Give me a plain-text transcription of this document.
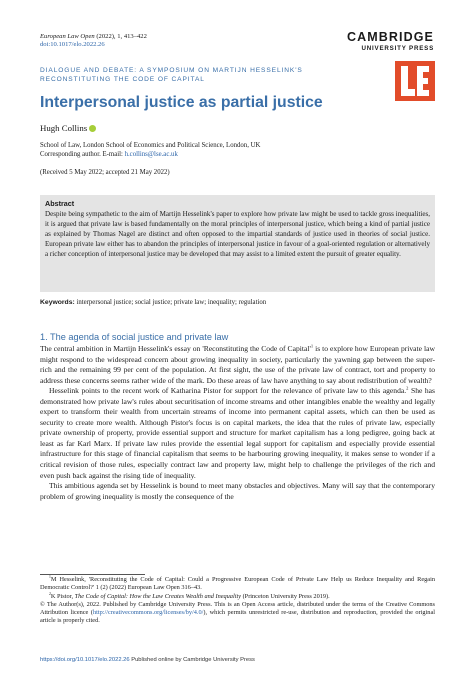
European Law Open (2022), 1, 413–422
doi:10.1017/elo.2022.26
CAMBRIDGE
UNIVERSITY PRESS
DIALOGUE AND DEBATE: A SYMPOSIUM ON MARTIJN HESSELINK'S RECONSTITUTING THE CODE OF CAPITAL
Interpersonal justice as partial justice
Hugh Collins
School of Law, London School of Economics and Political Science, London, UK
Corresponding author. E-mail: h.collins@lse.ac.uk
(Received 5 May 2022; accepted 21 May 2022)
Abstract
Despite being sympathetic to the aim of Martijn Hesselink's paper to explore how private law might be used to tackle gross inequalities, it is argued that private law is based fundamentally on the moral principles of interpersonal justice, which being a kind of partial justice as explained by Thomas Nagel are distinct and often opposed to the impartial standards of justice used in theories of social justice. European private law either has to abandon the principles of interpersonal justice in favour of a goal-oriented regulation or alternatively a richer conception of interpersonal justice may be developed that may assist to a limited extent the pursuit of greater equality.
Keywords: interpersonal justice; social justice; private law; inequality; regulation
1. The agenda of social justice and private law

The central ambition in Martijn Hesselink's essay on 'Reconstituting the Code of $Capital'^1$ is to explore how European private law might respond to the widespread concern about growing inequality in society, particularly the yawning gap between the super-rich and the remaining 99 per cent of the population. At first sight, the use of the private law of contract, tort and property to address these concerns seems rather wide of the mark. Do these areas of law have anything to say about redistribution of wealth?

Hesselink points to the recent work of Katharina Pistor for support for the relevance of private law to this agenda.$^2$ She has demonstrated how private law's rules about securitisation of income streams and other intangibles enable the wealthy and legally expert to transform their wealth from uncertain streams of income into permanent capital assets, which can then be used as security to create more wealth. Although Pistor's focus is on capital markets, the idea that the rules of private law, especially private ownership of property, provide essential support and structure for market capitalism has a long pedigree, going back at least as far Karl Marx. If private law rules provide the essential legal support for capitalism and especially provide essential infrastructure for this stage of financial capitalism that seems to be harbouring growing inequality, it makes sense to wonder if a critical revision of those rules, especially contract law and property law, might help to challenge the privileges of the rich and even push back against the rising tide of inequality.

This ambitious agenda set by Hesselink is bound to meet many obstacles and objectives. Many will say that the contemporary problem of growing inequality is mostly the consequence of the

$^1$M Hesselink, 'Reconstituting the Code of Capital: Could a Progressive European Code of Private Law Help us Reduce Inequality and Regain Democratic Control?' 1 (2) (2022) European Law Open 316–43.

$^2$K Pistor, The Code of Capital: How the Law Creates Wealth and Inequality (Princeton University Press 2019).

© The Author(s), 2022. Published by Cambridge University Press. This is an Open Access article, distributed under the terms of the Creative Commons Attribution licence (http://creativecommons.org/licenses/by/4.0/), which permits unrestricted re-use, distribution and reproduction, provided the original article is properly cited.

https://doi.org/10.1017/elo.2022.26 Published online by Cambridge University Press
